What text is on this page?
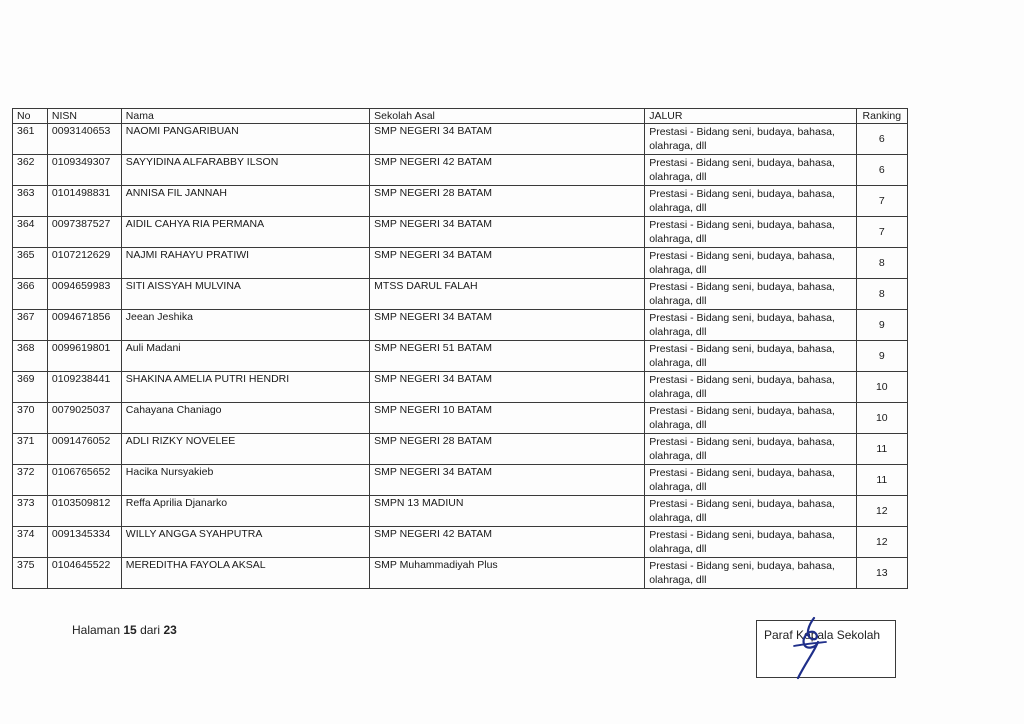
No	NISN	Nama	Sekolah Asal	JALUR	Ranking
361	0093140653	NAOMI PANGARIBUAN	SMP NEGERI 34 BATAM	Prestasi - Bidang seni, budaya, bahasa, olahraga, dll	6
362	0109349307	SAYYIDINA ALFARABBY ILSON	SMP NEGERI 42 BATAM	Prestasi - Bidang seni, budaya, bahasa, olahraga, dll	6
363	0101498831	ANNISA FIL JANNAH	SMP NEGERI 28 BATAM	Prestasi - Bidang seni, budaya, bahasa, olahraga, dll	7
364	0097387527	AIDIL CAHYA RIA PERMANA	SMP NEGERI 34 BATAM	Prestasi - Bidang seni, budaya, bahasa, olahraga, dll	7
365	0107212629	NAJMI RAHAYU PRATIWI	SMP NEGERI 34 BATAM	Prestasi - Bidang seni, budaya, bahasa, olahraga, dll	8
366	0094659983	SITI AISSYAH MULVINA	MTSS DARUL FALAH	Prestasi - Bidang seni, budaya, bahasa, olahraga, dll	8
367	0094671856	Jeean Jeshika	SMP NEGERI 34 BATAM	Prestasi - Bidang seni, budaya, bahasa, olahraga, dll	9
368	0099619801	Auli Madani	SMP NEGERI 51 BATAM	Prestasi - Bidang seni, budaya, bahasa, olahraga, dll	9
369	0109238441	SHAKINA AMELIA PUTRI HENDRI	SMP NEGERI 34 BATAM	Prestasi - Bidang seni, budaya, bahasa, olahraga, dll	10
370	0079025037	Cahayana Chaniago	SMP NEGERI 10 BATAM	Prestasi - Bidang seni, budaya, bahasa, olahraga, dll	10
371	0091476052	ADLI RIZKY NOVELEE	SMP NEGERI 28 BATAM	Prestasi - Bidang seni, budaya, bahasa, olahraga, dll	11
372	0106765652	Hacika Nursyakieb	SMP NEGERI 34 BATAM	Prestasi - Bidang seni, budaya, bahasa, olahraga, dll	11
373	0103509812	Reffa Aprilia Djanarko	SMPN 13 MADIUN	Prestasi - Bidang seni, budaya, bahasa, olahraga, dll	12
374	0091345334	WILLY ANGGA SYAHPUTRA	SMP NEGERI 42 BATAM	Prestasi - Bidang seni, budaya, bahasa, olahraga, dll	12
375	0104645522	MEREDITHA FAYOLA AKSAL	SMP Muhammadiyah Plus	Prestasi - Bidang seni, budaya, bahasa, olahraga, dll	13
Halaman 15 dari 23	Paraf Kepala Sekolah
